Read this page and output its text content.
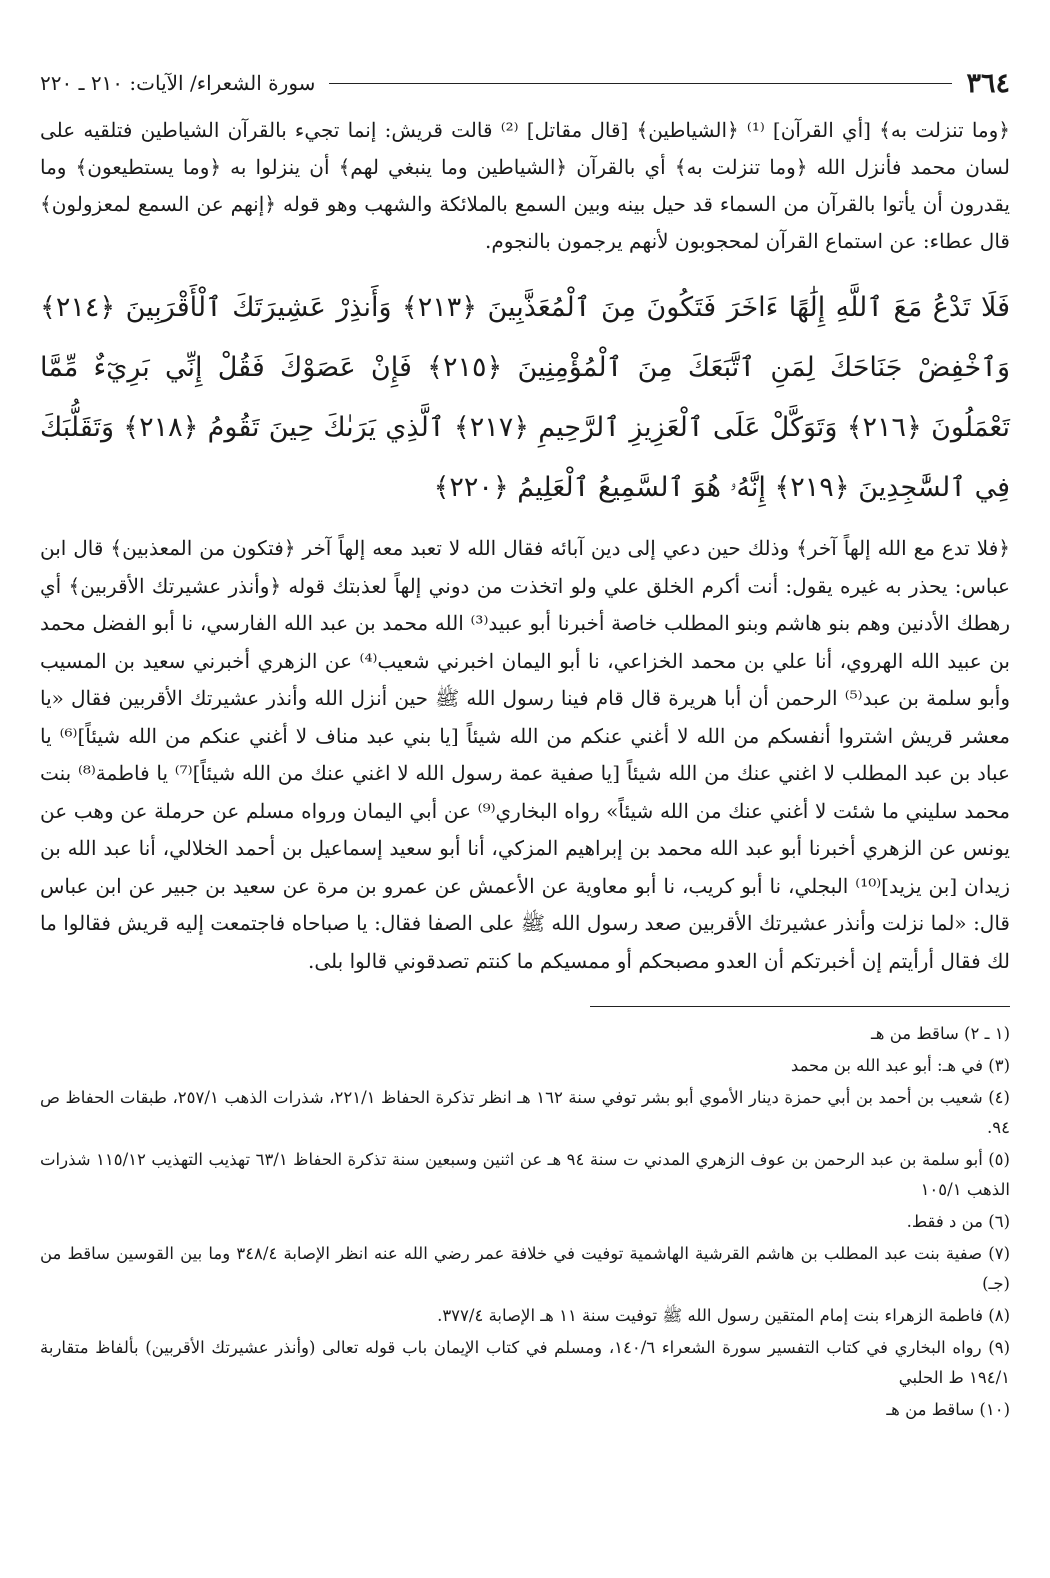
٣٦٤
سورة الشعراء/ الآيات: ٢١٠ ـ ٢٢٠

﴿وما تنزلت به﴾ [أي القرآن] ⁽¹⁾ ﴿الشياطين﴾ [قال مقاتل] ⁽²⁾ قالت قريش: إنما تجيء بالقرآن الشياطين فتلقيه على لسان محمد فأنزل الله ﴿وما تنزلت به﴾ أي بالقرآن ﴿الشياطين وما ينبغي لهم﴾ أن ينزلوا به ﴿وما يستطيعون﴾ وما يقدرون أن يأتوا بالقرآن من السماء قد حيل بينه وبين السمع بالملائكة والشهب وهو قوله ﴿إنهم عن السمع لمعزولون﴾ قال عطاء: عن استماع القرآن لمحجوبون لأنهم يرجمون بالنجوم.

فَلَا تَدْعُ مَعَ ٱللَّهِ إِلَٰهًا ءَاخَرَ فَتَكُونَ مِنَ ٱلْمُعَذَّبِينَ ﴿٢١٣﴾ وَأَنذِرْ عَشِيرَتَكَ ٱلْأَقْرَبِينَ ﴿٢١٤﴾ وَٱخْفِضْ جَنَاحَكَ لِمَنِ ٱتَّبَعَكَ مِنَ ٱلْمُؤْمِنِينَ ﴿٢١٥﴾ فَإِنْ عَصَوْكَ فَقُلْ إِنِّي بَرِيٓءٌ مِّمَّا تَعْمَلُونَ ﴿٢١٦﴾ وَتَوَكَّلْ عَلَى ٱلْعَزِيزِ ٱلرَّحِيمِ ﴿٢١٧﴾ ٱلَّذِي يَرَىٰكَ حِينَ تَقُومُ ﴿٢١٨﴾ وَتَقَلُّبَكَ فِي ٱلسَّٰجِدِينَ ﴿٢١٩﴾ إِنَّهُۥ هُوَ ٱلسَّمِيعُ ٱلْعَلِيمُ ﴿٢٢٠﴾

﴿فلا تدع مع الله إلهاً آخر﴾ وذلك حين دعي إلى دين آبائه فقال الله لا تعبد معه إلهاً آخر ﴿فتكون من المعذبين﴾ قال ابن عباس: يحذر به غيره يقول: أنت أكرم الخلق علي ولو اتخذت من دوني إلهاً لعذبتك قوله ﴿وأنذر عشيرتك الأقربين﴾ أي رهطك الأدنين وهم بنو هاشم وبنو المطلب خاصة أخبرنا أبو عبيد⁽³⁾ الله محمد بن عبد الله الفارسي، نا أبو الفضل محمد بن عبيد الله الهروي، أنا علي بن محمد الخزاعي، نا أبو اليمان اخبرني شعيب⁽⁴⁾ عن الزهري أخبرني سعيد بن المسيب وأبو سلمة بن عبد⁽⁵⁾ الرحمن أن أبا هريرة قال قام فينا رسول الله ﷺ حين أنزل الله وأنذر عشيرتك الأقربين فقال «يا معشر قريش اشتروا أنفسكم من الله لا أغني عنكم من الله شيئاً [يا بني عبد مناف لا أغني عنكم من الله شيئاً]⁽⁶⁾ يا عباد بن عبد المطلب لا اغني عنك من الله شيئاً [يا صفية عمة رسول الله لا اغني عنك من الله شيئاً]⁽⁷⁾ يا فاطمة⁽⁸⁾ بنت محمد سليني ما شئت لا أغني عنك من الله شيئاً» رواه البخاري⁽⁹⁾ عن أبي اليمان ورواه مسلم عن حرملة عن وهب عن يونس عن الزهري أخبرنا أبو عبد الله محمد بن إبراهيم المزكي، أنا أبو سعيد إسماعيل بن أحمد الخلالي، أنا عبد الله بن زيدان [بن يزيد]⁽¹⁰⁾ البجلي، نا أبو كريب، نا أبو معاوية عن الأعمش عن عمرو بن مرة عن سعيد بن جبير عن ابن عباس قال: «لما نزلت وأنذر عشيرتك الأقربين صعد رسول الله ﷺ على الصفا فقال: يا صباحاه فاجتمعت إليه قريش فقالوا ما لك فقال أرأيتم إن أخبرتكم أن العدو مصبحكم أو ممسيكم ما كنتم تصدقوني قالوا بلى.

(١ ـ ٢) ساقط من هـ

(٣) في هـ: أبو عبد الله بن محمد

(٤) شعيب بن أحمد بن أبي حمزة دينار الأموي أبو بشر توفي سنة ١٦٢ هـ انظر تذكرة الحفاظ ٢٢١/١، شذرات الذهب ٢٥٧/١، طبقات الحفاظ ص ٩٤.

(٥) أبو سلمة بن عبد الرحمن بن عوف الزهري المدني ت سنة ٩٤ هـ عن اثنين وسبعين سنة تذكرة الحفاظ ٦٣/١ تهذيب التهذيب ١١٥/١٢ شذرات الذهب ١٠٥/١

(٦) من د فقط.

(٧) صفية بنت عبد المطلب بن هاشم القرشية الهاشمية توفيت في خلافة عمر رضي الله عنه انظر الإصابة ٣٤٨/٤ وما بين القوسين ساقط من (جـ)

(٨) فاطمة الزهراء بنت إمام المتقين رسول الله ﷺ توفيت سنة ١١ هـ الإصابة ٣٧٧/٤.

(٩) رواه البخاري في كتاب التفسير سورة الشعراء ١٤٠/٦، ومسلم في كتاب الإيمان باب قوله تعالى (وأنذر عشيرتك الأقربين) بألفاظ متقاربة ١٩٤/١ ط الحلبي

(١٠) ساقط من هـ
